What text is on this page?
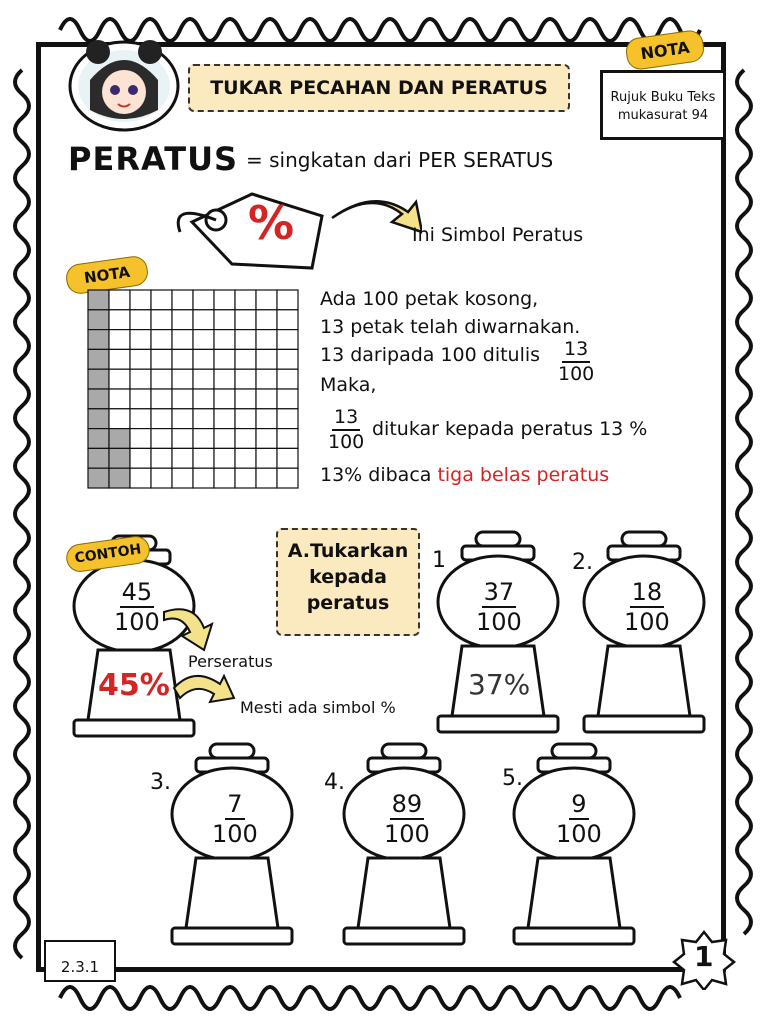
TUKAR PECAHAN DAN PERATUS
NOTA
Rujuk Buku Teks
mukasurat 94
PERATUS = singkatan dari PER SERATUS
%	Ini Simbol Peratus
NOTA
Ada 100 petak kosong,
13 petak telah diwarnakan.
13 daripada 100 ditulis $\frac{13}{100}$
Maka,
$\frac{13}{100}$ ditukar kepada peratus 13 %
13% dibaca tiga belas peratus
CONTOH
$\frac{45}{100}$
45%
Perseratus
Mesti ada simbol %
A.Tukarkan
kepada
peratus
1
$\frac{37}{100}$
37%
2.
$\frac{18}{100}$
3.
$\frac{7}{100}$
4.
$\frac{89}{100}$
5.
$\frac{9}{100}$
2.3.1	1
